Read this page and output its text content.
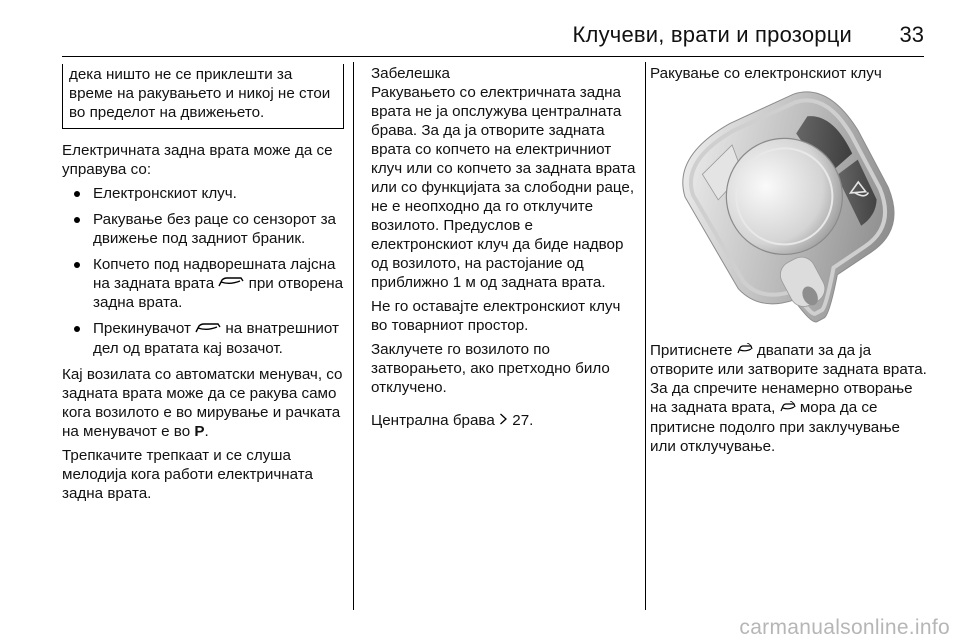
Клучеви, врати и прозорци 33
дека ништо не се приклешти за време на ракувањето и никој не стои во пределот на движењето.

Електричната задна врата може да се управува со:

Електронскиот клуч.
Ракување без раце со сензорот за движење под задниот браник.
Копчето под надворешната лајсна на задната врата при отворена задна врата.
Прекинувачот на внатрешниот дел од вратата кај возачот.

Кај возилата со автоматски менувач, со задната врата може да се ракува само кога возилото е во мирување и рачката на менувачот е во P.

Трепкачите трепкаат и се слуша мелодија кога работи електричната задна врата.

Забелешка

Ракувањето со електричната задна врата не ја опслужува централната брава. За да ја отворите задната врата со копчето на електричниот клуч или со копчето за задната врата или со функцијата за слободни раце, не е неопходно да го отклучите возилото. Предуслов е електронскиот клуч да биде надвор од возилото, на растојание од приближно 1 м од задната врата.

Не го оставајте електронскиот клуч во товарниот простор.

Заклучете го возилото по затворањето, ако претходно било отклучено.

Централна брава 27.

Ракување со електронскиот клуч

Притиснете двапати за да ја отворите или затворите задната врата. За да спречите ненамерно отворање на задната врата, мора да се притисне подолго при заклучување или отклучување.

carmanualsonline.info
